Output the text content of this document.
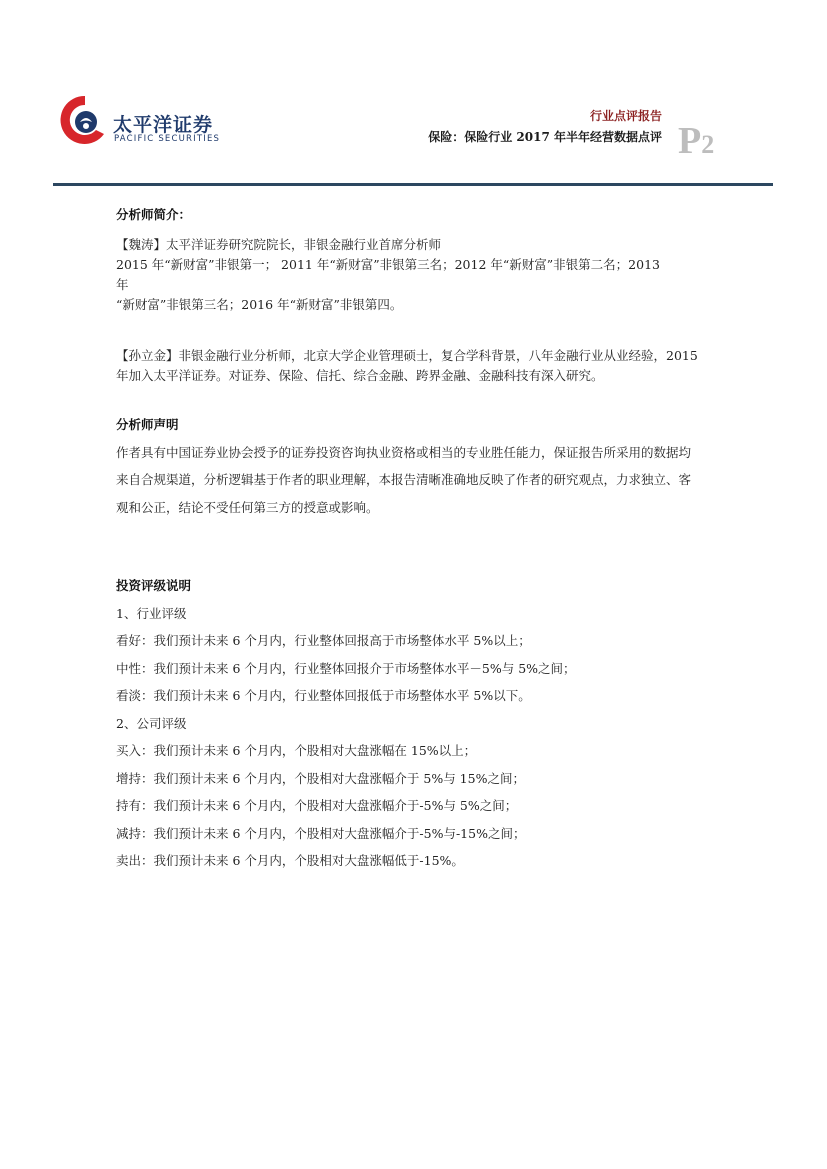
太平洋证券
PACIFIC SECURITIES
行业点评报告
保险：保险行业 2017 年半年经营数据点评 P2

分析师简介：

【魏涛】太平洋证券研究院院长，非银金融行业首席分析师

2015 年“新财富”非银第一； 2011 年“新财富”非银第三名；2012 年“新财富”非银第二名；2013

年

“新财富”非银第三名；2016 年“新财富”非银第四。

【孙立金】非银金融行业分析师，北京大学企业管理硕士，复合学科背景，八年金融行业从业经验，2015

年加入太平洋证券。对证券、保险、信托、综合金融、跨界金融、金融科技有深入研究。

分析师声明

作者具有中国证券业协会授予的证券投资咨询执业资格或相当的专业胜任能力，保证报告所采用的数据均

来自合规渠道，分析逻辑基于作者的职业理解，本报告清晰准确地反映了作者的研究观点，力求独立、客

观和公正，结论不受任何第三方的授意或影响。

投资评级说明

1、行业评级

看好：我们预计未来 6 个月内，行业整体回报高于市场整体水平 5%以上；

中性：我们预计未来 6 个月内，行业整体回报介于市场整体水平－5%与 5%之间；

看淡：我们预计未来 6 个月内，行业整体回报低于市场整体水平 5%以下。

2、公司评级

买入：我们预计未来 6 个月内，个股相对大盘涨幅在 15%以上；

增持：我们预计未来 6 个月内，个股相对大盘涨幅介于 5%与 15%之间；

持有：我们预计未来 6 个月内，个股相对大盘涨幅介于-5%与 5%之间；

减持：我们预计未来 6 个月内，个股相对大盘涨幅介于-5%与-15%之间；

卖出：我们预计未来 6 个月内，个股相对大盘涨幅低于-15%。
